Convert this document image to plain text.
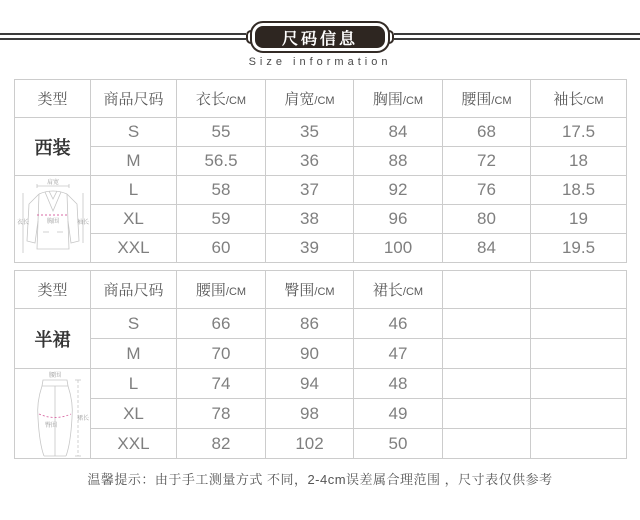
尺码信息
Size information
类型	商品尺码	衣长/CM	肩宽/CM	胸围/CM	腰围/CM	袖长/CM
西装	S	55	35	84	68	17.5
	M	56.5	36	88	72	18

肩宽
衣长 袖长
胸围	L	58	37	92	76	18.5
	XL	59	38	96	80	19
	XXL	60	39	100	84	19.5
类型	商品尺码	腰围/CM	臀围/CM	裙长/CM		
半裙	S	66	86	46		
	M	70	90	47		

腰围
裙长
臀围	L	74	94	48		
	XL	78	98	49		
	XXL	82	102	50		
温馨提示：由于手工测量方式 不同，2-4cm误差属合理范围 ，尺寸表仅供参考
